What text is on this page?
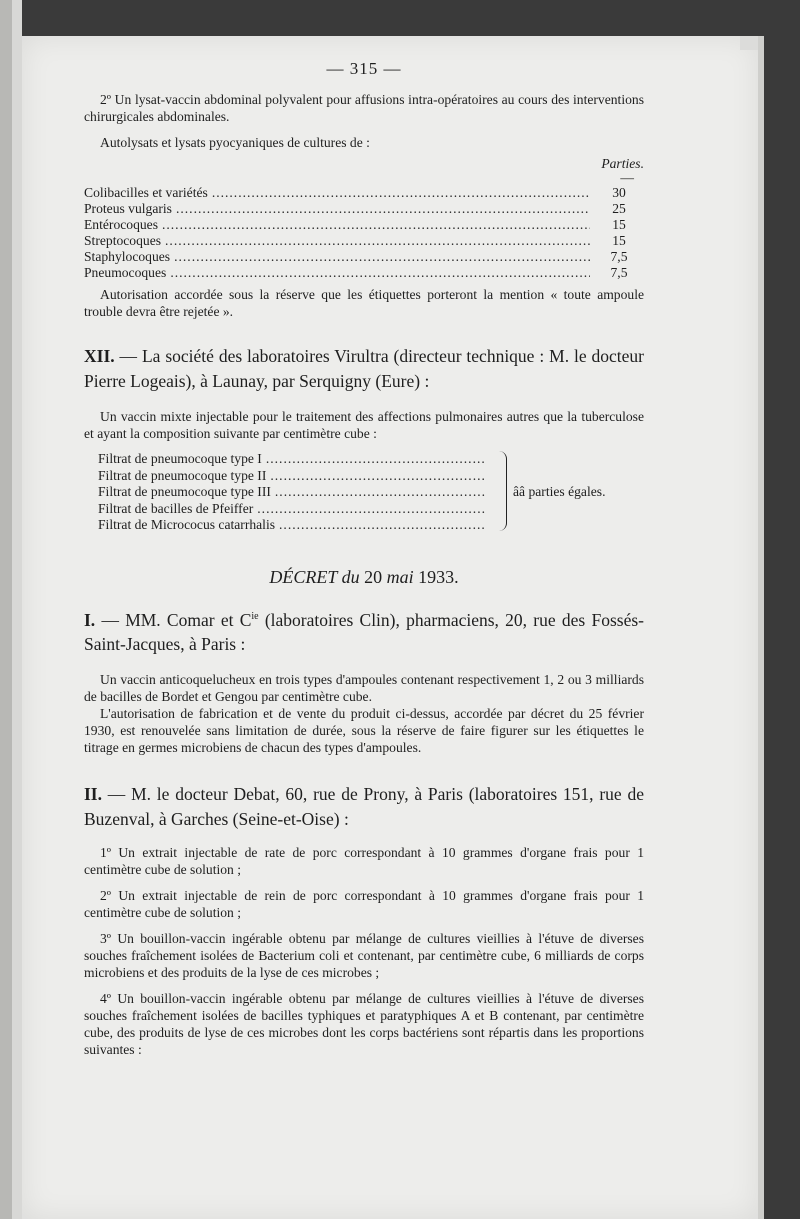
— 315 —

2º Un lysat-vaccin abdominal polyvalent pour affusions intra-opératoires au cours des interventions chirurgicales abdominales.

Autolysats et lysats pyocyaniques de cultures de :

Parties.

—

Colibacilles et variétés .....	30
Proteus vulgaris .....	25
Entérocoques .....	15
Streptocoques .....	15
Staphylocoques .....	7,5
Pneumocoques .....	7,5

Autorisation accordée sous la réserve que les étiquettes porteront la mention « toute ampoule trouble devra être rejetée ».

XII. — La société des laboratoires Virultra (directeur technique : M. le docteur Pierre Logeais), à Launay, par Serquigny (Eure) :

Un vaccin mixte injectable pour le traitement des affections pulmonaires autres que la tuberculose et ayant la composition suivante par centimètre cube :

Filtrat de pneumocoque type I
.....
Filtrat de pneumocoque type II
.....
Filtrat de pneumocoque type III
.....
Filtrat de bacilles de Pfeiffer
.....
Filtrat de Micrococus catarrhalis
.....
ââ parties égales.

DÉCRET du 20 mai 1933.

I. — MM. Comar et $C^{ie}$ (laboratoires Clin), pharmaciens, 20, rue des Fossés-Saint-Jacques, à Paris :

Un vaccin anticoquelucheux en trois types d'ampoules contenant respectivement 1, 2 ou 3 milliards de bacilles de Bordet et Gengou par centimètre cube.

L'autorisation de fabrication et de vente du produit ci-dessus, accordée par décret du 25 février 1930, est renouvelée sans limitation de durée, sous la réserve de faire figurer sur les étiquettes le titrage en germes microbiens de chacun des types d'ampoules.

II. — M. le docteur Debat, 60, rue de Prony, à Paris (laboratoires 151, rue de Buzenval, à Garches (Seine-et-Oise) :

1º Un extrait injectable de rate de porc correspondant à 10 grammes d'organe frais pour 1 centimètre cube de solution ;

2º Un extrait injectable de rein de porc correspondant à 10 grammes d'organe frais pour 1 centimètre cube de solution ;

3º Un bouillon-vaccin ingérable obtenu par mélange de cultures vieillies à l'étuve de diverses souches fraîchement isolées de Bacterium coli et contenant, par centimètre cube, 6 milliards de corps microbiens et des produits de la lyse de ces microbes ;

4º Un bouillon-vaccin ingérable obtenu par mélange de cultures vieillies à l'étuve de diverses souches fraîchement isolées de bacilles typhiques et paratyphiques A et B contenant, par centimètre cube, des produits de lyse de ces microbes dont les corps bactériens sont répartis dans les proportions suivantes :
